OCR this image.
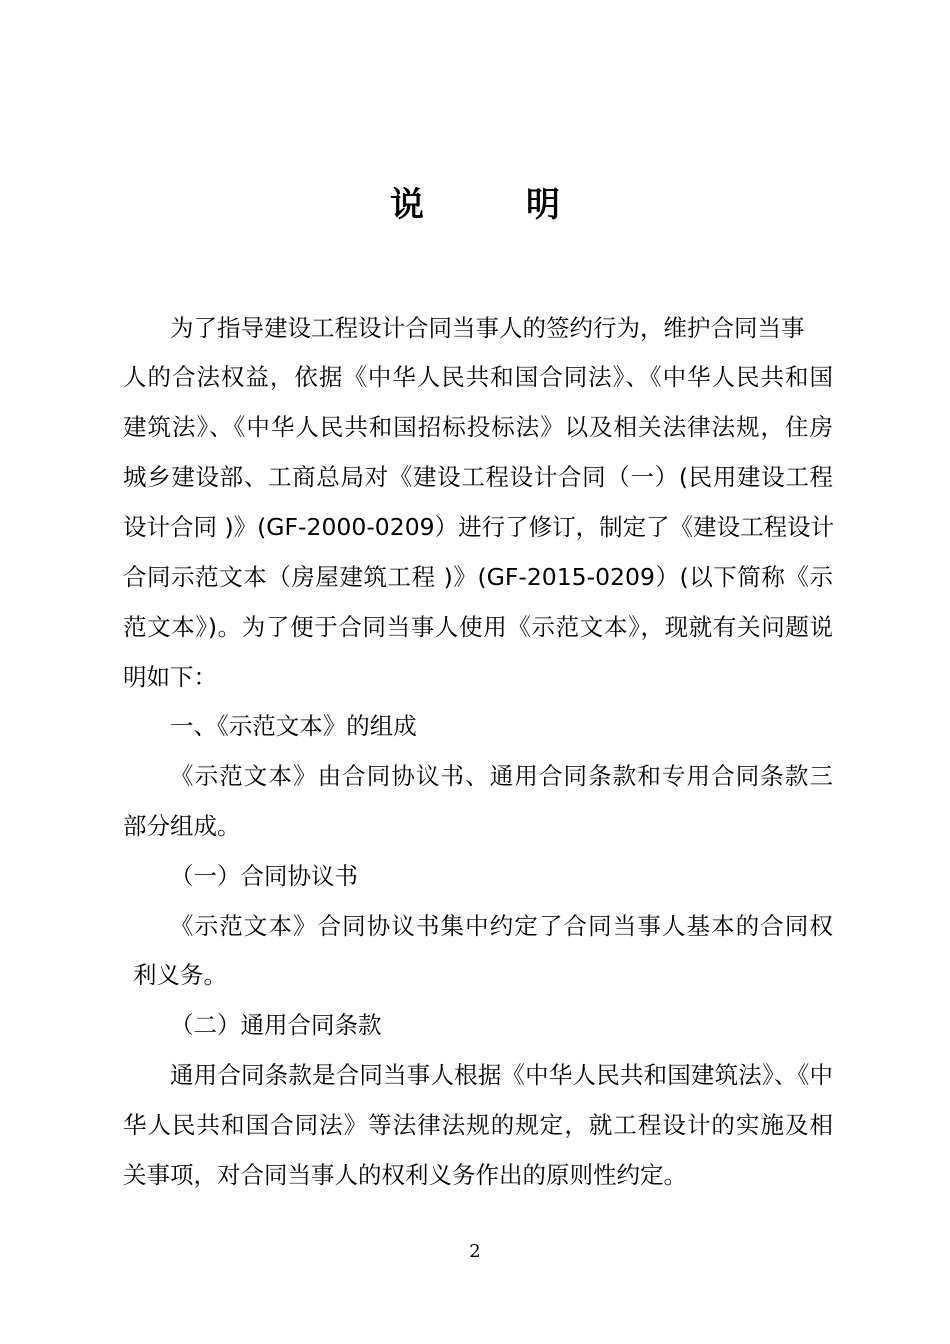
说　明

为了指导建设工程设计合同当事人的签约行为，维护合同当事

人的合法权益，依据《中华人民共和国合同法》、《中华人民共和国

建筑法》、《中华人民共和国招标投标法》以及相关法律法规，住房

城乡建设部、工商总局对《建设工程设计合同（一）(民用建设工程

设计合同 )》(GF-2000-0209）进行了修订，制定了《建设工程设计

合同示范文本（房屋建筑工程 )》(GF-2015-0209）(以下简称《示

范文本》)。为了便于合同当事人使用《示范文本》，现就有关问题说

明如下：

一、《示范文本》的组成

《示范文本》由合同协议书、通用合同条款和专用合同条款三

部分组成。

（一）合同协议书

《示范文本》合同协议书集中约定了合同当事人基本的合同权

利义务。

（二）通用合同条款

通用合同条款是合同当事人根据《中华人民共和国建筑法》、《中

华人民共和国合同法》等法律法规的规定，就工程设计的实施及相

关事项，对合同当事人的权利义务作出的原则性约定。

2
